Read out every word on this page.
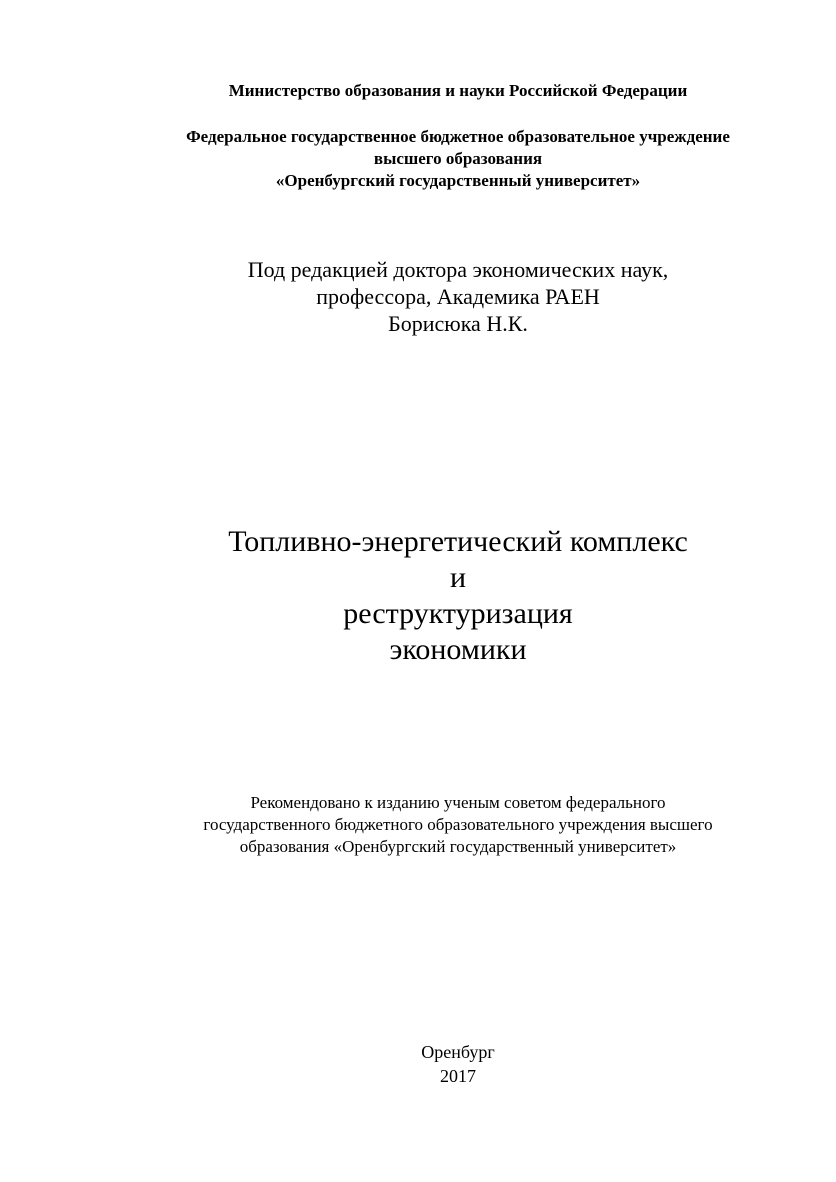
Министерство образования и науки Российской Федерации
Федеральное государственное бюджетное образовательное учреждение
высшего образования
«Оренбургский государственный университет»
Под редакцией доктора экономических наук,
профессора, Академика РАЕН
Борисюка Н.К.
Топливно-энергетический комплекс
и
реструктуризация
экономики
Рекомендовано к изданию ученым советом федерального
государственного бюджетного образовательного учреждения высшего
образования «Оренбургский государственный университет»
Оренбург
2017
